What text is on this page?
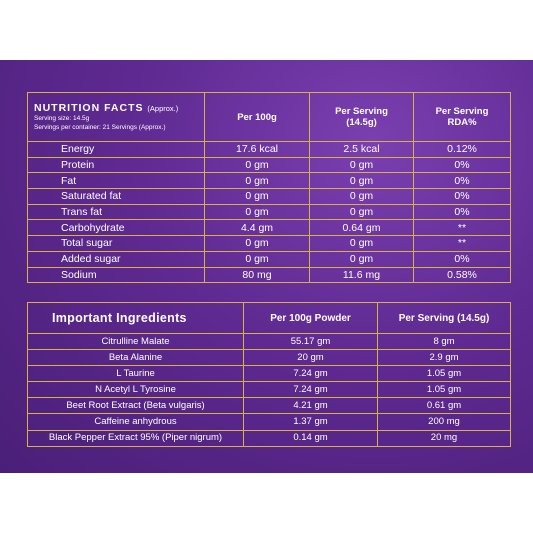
NUTRITION FACTS (Approx.)
Serving size: 14.5g
Servings per container: 21 Servings (Approx.)	Per 100g	Per Serving (14.5g)	Per Serving RDA%
Energy	17.6 kcal	2.5 kcal	0.12%
Protein	0 gm	0 gm	0%
Fat	0 gm	0 gm	0%
Saturated fat	0 gm	0 gm	0%
Trans fat	0 gm	0 gm	0%
Carbohydrate	4.4 gm	0.64 gm	**
Total sugar	0 gm	0 gm	**
Added sugar	0 gm	0 gm	0%
Sodium	80 mg	11.6 mg	0.58%
Important Ingredients	Per 100g Powder	Per Serving (14.5g)
Citrulline Malate	55.17 gm	8 gm
Beta Alanine	20 gm	2.9 gm
L Taurine	7.24 gm	1.05 gm
N Acetyl L Tyrosine	7.24 gm	1.05 gm
Beet Root Extract (Beta vulgaris)	4.21 gm	0.61 gm
Caffeine anhydrous	1.37 gm	200 mg
Black Pepper Extract 95% (Piper nigrum)	0.14 gm	20 mg
